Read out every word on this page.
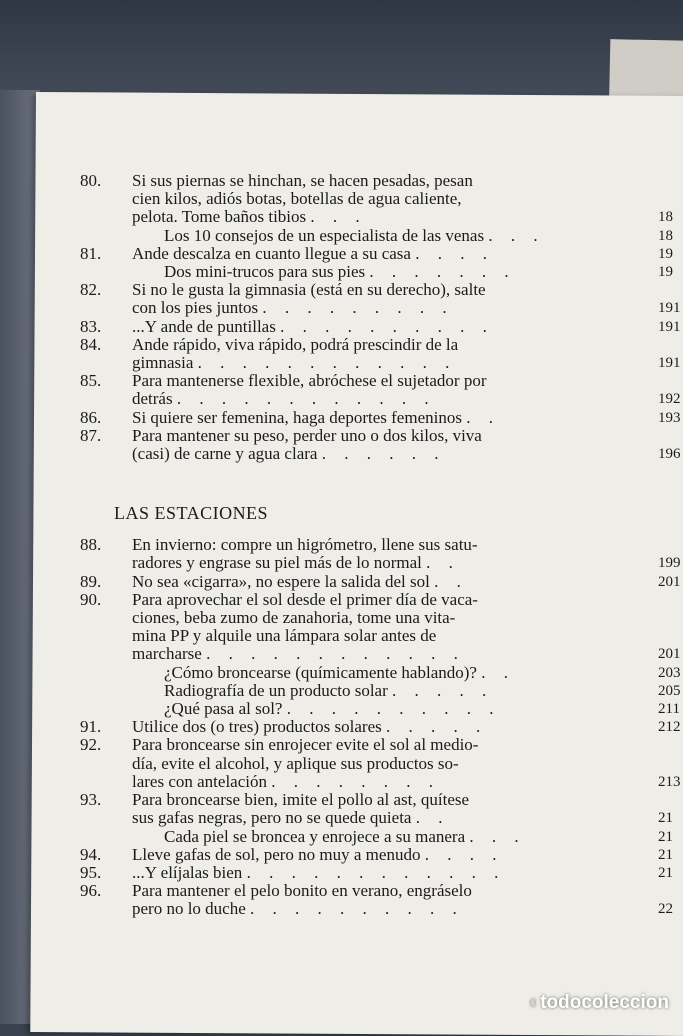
80.	Si sus piernas se hinchan, se hacen pesadas, pesan
cien kilos, adiós botas, botellas de agua caliente,
pelota. Tome baños tibios . . .	18
Los 10 consejos de un especialista de las venas . . .	18
81.	Ande descalza en cuanto llegue a su casa . . . .	19
Dos mini-trucos para sus pies . . . . . . .	19
82.	Si no le gusta la gimnasia (está en su derecho), salte
con los pies juntos . . . . . . . . .	191
83.	...Y ande de puntillas . . . . . . . . . .	191
84.	Ande rápido, viva rápido, podrá prescindir de la
gimnasia . . . . . . . . . . . .	191
85.	Para mantenerse flexible, abróchese el sujetador por
detrás . . . . . . . . . . . .	192
86.	Si quiere ser femenina, haga deportes femeninos . .	193
87.	Para mantener su peso, perder uno o dos kilos, viva
(casi) de carne y agua clara . . . . . .	196
LAS ESTACIONES
88.	En invierno: compre un higrómetro, llene sus satu-
radores y engrase su piel más de lo normal . .	199
89.	No sea «cigarra», no espere la salida del sol . .	201
90.	Para aprovechar el sol desde el primer día de vaca-
ciones, beba zumo de zanahoria, tome una vita-
mina PP y alquile una lámpara solar antes de
marcharse . . . . . . . . . . . .	201
¿Cómo broncearse (químicamente hablando)? . .	203
Radiografía de un producto solar . . . . .	205
¿Qué pasa al sol? . . . . . . . . . .	211
91.	Utilice dos (o tres) productos solares . . . . .	212
92.	Para broncearse sin enrojecer evite el sol al medio-
día, evite el alcohol, y aplique sus productos so-
lares con antelación . . . . . . . .	213
93.	Para broncearse bien, imite el pollo al ast, quítese
sus gafas negras, pero no se quede quieta . .	21
Cada piel se broncea y enrojece a su manera . . .	21
94.	Lleve gafas de sol, pero no muy a menudo . . . .	21
95.	...Y elíjalas bien . . . . . . . . . . . .	21
96.	Para mantener el pelo bonito en verano, engráselo
pero no lo duche . . . . . . . . . .	22
◖ todocoleccion
